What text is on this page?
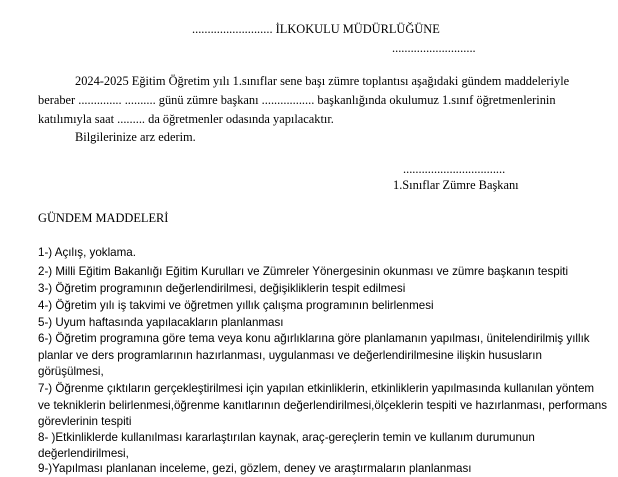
.......................... İLKOKULU MÜDÜRLÜĞÜNE
...........................
2024-2025 Eğitim Öğretim yılı 1.sınıflar sene başı zümre toplantısı aşağıdaki gündem maddeleriyle
beraber .............. .......... günü zümre başkanı ................. başkanlığında okulumuz 1.sınıf öğretmenlerinin
katılımıyla saat ......... da öğretmenler odasında yapılacaktır.
Bilgilerinize arz ederim.
.................................
1.Sınıflar Zümre Başkanı
GÜNDEM MADDELERİ
1-) Açılış, yoklama.
2-) Milli Eğitim Bakanlığı Eğitim Kurulları ve Zümreler Yönergesinin okunması ve zümre başkanın tespiti
3-) Öğretim programının değerlendirilmesi, değişikliklerin tespit edilmesi
4-) Öğretim yılı iş takvimi ve öğretmen yıllık çalışma programının belirlenmesi
5-) Uyum haftasında yapılacakların planlanması
6-) Öğretim programına göre tema veya konu ağırlıklarına göre planlamanın yapılması, ünitelendirilmiş yıllık
planlar ve ders programlarının hazırlanması, uygulanması ve değerlendirilmesine ilişkin hususların
görüşülmesi,
7-) Öğrenme çıktıların gerçekleştirilmesi için yapılan etkinliklerin, etkinliklerin yapılmasında kullanılan yöntem
ve tekniklerin belirlenmesi,öğrenme kanıtlarının değerlendirilmesi,ölçeklerin tespiti ve hazırlanması, performans
görevlerinin tespiti
8- )Etkinliklerde kullanılması kararlaştırılan kaynak, araç-gereçlerin temin ve kullanım durumunun
değerlendirilmesi,
9-)Yapılması planlanan inceleme, gezi, gözlem, deney ve araştırmaların planlanması
